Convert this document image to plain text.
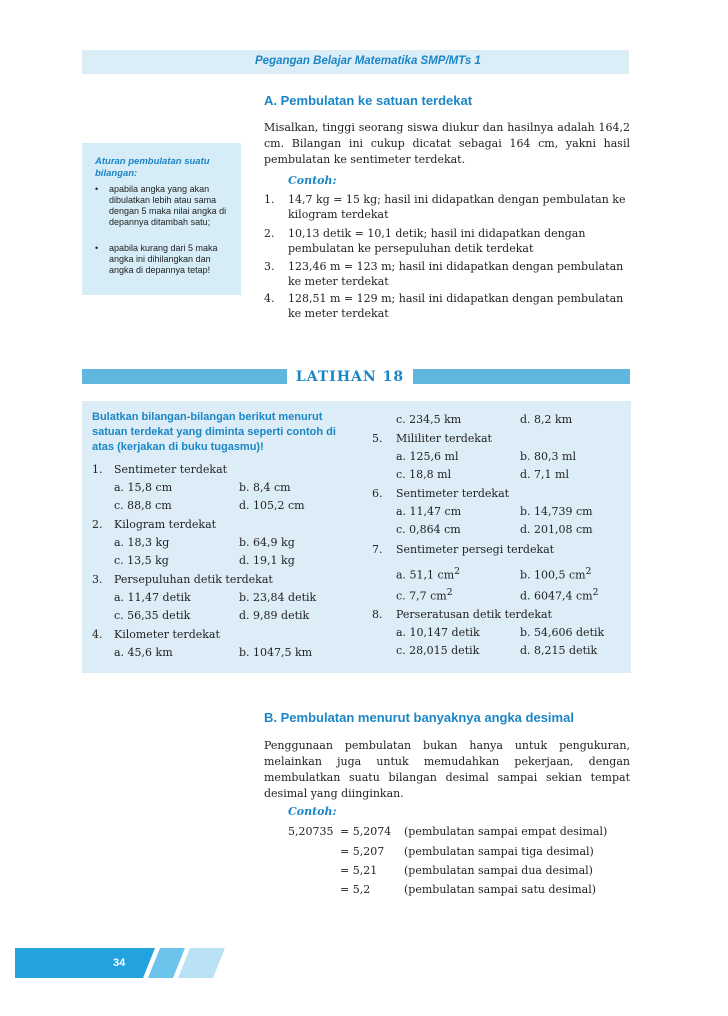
Pegangan Belajar Matematika SMP/MTs 1
A. Pembulatan ke satuan terdekat
Misalkan, tinggi seorang siswa diukur dan hasilnya adalah 164,2 cm. Bilangan ini cukup dicatat sebagai 164 cm, yakni hasil pembulatan ke sentimeter terdekat.
Contoh:
1. 14,7 kg = 15 kg; hasil ini didapatkan dengan pembulatan ke kilogram terdekat
2. 10,13 detik = 10,1 detik; hasil ini didapatkan dengan pembulatan ke persepuluhan detik terdekat
3. 123,46 m = 123 m; hasil ini didapatkan dengan pembulatan ke meter terdekat
4. 128,51 m = 129 m; hasil ini didapatkan dengan pembulatan ke meter terdekat
Aturan pembulatan suatu bilangan:
• apabila angka yang akan dibulatkan lebih atau sama dengan 5 maka nilai angka di depannya ditambah satu;
• apabila kurang dari 5 maka angka ini dihilangkan dan angka di depannya tetap!
LATIHAN 18
Bulatkan bilangan-bilangan berikut menurut satuan terdekat yang diminta seperti contoh di atas (kerjakan di buku tugasmu)!
1. Sentimeter terdekat
a. 15,8 cm	b. 8,4 cm
c. 88,8 cm	d. 105,2 cm
2. Kilogram terdekat
a. 18,3 kg	b. 64,9 kg
c. 13,5 kg	d. 19,1 kg
3. Persepuluhan detik terdekat
a. 11,47 detik	b. 23,84 detik
c. 56,35 detik	d. 9,89 detik
4. Kilometer terdekat
a. 45,6 km	b. 1047,5 km
c. 234,5 km	d. 8,2 km
5. Mililiter terdekat
a. 125,6 ml	b. 80,3 ml
c. 18,8 ml	d. 7,1 ml
6. Sentimeter terdekat
a. 11,47 cm	b. 14,739 cm
c. 0,864 cm	d. 201,08 cm
7. Sentimeter persegi terdekat
a. 51,1 $cm^2$	b. 100,5 $cm^2$
c. 7,7 $cm^2$	d. 6047,4 $cm^2$
8. Perseratusan detik terdekat
a. 10,147 detik	b. 54,606 detik
c. 28,015 detik	d. 8,215 detik
B. Pembulatan menurut banyaknya angka desimal
Penggunaan pembulatan bukan hanya untuk pengukuran, melainkan juga untuk memudahkan pekerjaan, dengan membulatkan suatu bilangan desimal sampai sekian tempat desimal yang diinginkan.
Contoh:
5,20735 = 5,2074 (pembulatan sampai empat desimal)
= 5,207 (pembulatan sampai tiga desimal)
= 5,21 (pembulatan sampai dua desimal)
= 5,2	(pembulatan sampai satu desimal)
34
